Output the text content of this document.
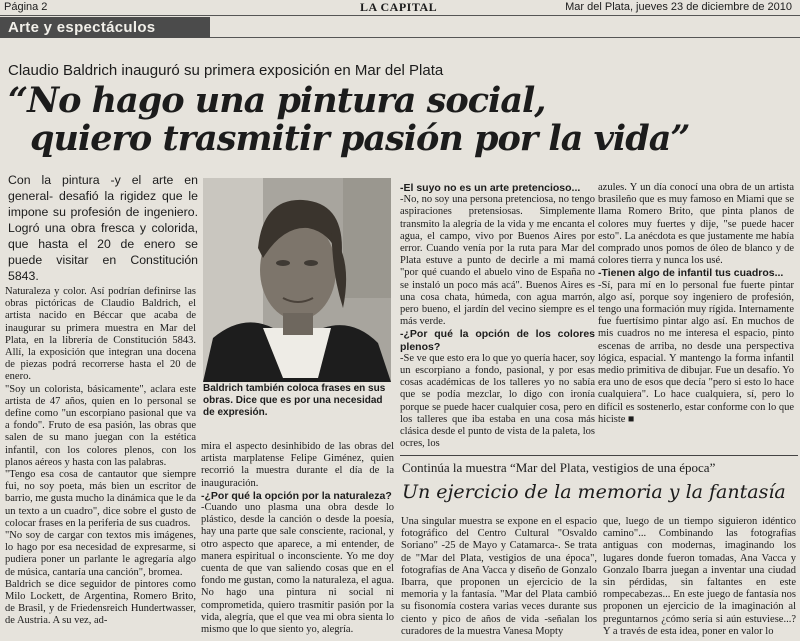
Página 2	LA CAPITAL	Mar del Plata, jueves 23 de diciembre de 2010
Arte y espectáculos
Claudio Baldrich inauguró su primera exposición en Mar del Plata
“No hago una pintura social,
quiero trasmitir pasión por la vida”
Con la pintura -y el arte en general- desafió la rigidez que le impone su profesión de ingeniero. Logró una obra fresca y colorida, que hasta el 20 de enero se puede visitar en Constitución 5843.
Baldrich también coloca frases en sus obras. Dice que es por una necesidad de expresión.

Naturaleza y color. Así podrían definirse las obras pictóricas de Claudio Baldrich, el artista nacido en Béccar que acaba de inaugurar su primera muestra en Mar del Plata, en la librería de Constitución 5843. Allí, la exposición que integran una docena de piezas podrá recorrerse hasta el 20 de enero.

"Soy un colorista, básicamente", aclara este artista de 47 años, quien en lo personal se define como "un escorpiano pasional que va a fondo". Fruto de esa pasión, las obras que salen de su mano juegan con la estética infantil, con los colores plenos, con los planos aéreos y hasta con las palabras.

"Tengo esa cosa de cantautor que siempre fui, no soy poeta, más bien un escritor de barrio, me gusta mucho la dinámica que le da un texto a un cuadro", dice sobre el gusto de colocar frases en la periferia de sus cuadros.

"No soy de cargar con textos mis imágenes, lo hago por esa necesidad de expresarme, si pudiera poner un parlante le agregaría algo de música, cantaría una canción", bromea.

Baldrich se dice seguidor de pintores como Milo Lockett, de Argentina, Romero Brito, de Brasil, y de Friedensreich Hundertwasser, de Austria. A su vez, ad-

mira el aspecto desinhibido de las obras del artista marplatense Felipe Giménez, quien recorrió la muestra durante el día de la inauguración.

-¿Por qué la opción por la naturaleza?

-Cuando uno plasma una obra desde lo plástico, desde la canción o desde la poesía, hay una parte que sale consciente, racional, y otro aspecto que aparece, a mi entender, de manera espiritual o inconsciente. Yo me doy cuenta de que van saliendo cosas que en el fondo me gustan, como la naturaleza, el agua. No hago una pintura ni social ni comprometida, quiero trasmitir pasión por la vida, alegría, que el que vea mi obra sienta lo mismo que lo que siento yo, alegría.

-El suyo no es un arte pretencioso...

-No, no soy una persona pretenciosa, no tengo aspiraciones pretensiosas. Simplemente transmito la alegría de la vida y me encanta el agua, el campo, vivo por Buenos Aires por error. Cuando venía por la ruta para Mar del Plata estuve a punto de decirle a mi mamá "por qué cuando el abuelo vino de España no se instaló un poco más acá". Buenos Aires es una cosa chata, húmeda, con agua marrón, pero bueno, el jardín del vecino siempre es el más verde.

-¿Por qué la opción de los colores plenos?

-Se ve que esto era lo que yo quería hacer, soy un escorpiano a fondo, pasional, y por esas cosas académicas de los talleres yo no sabía que se podía mezclar, lo digo con ironía porque se puede hacer cualquier cosa, pero en los talleres que iba estaba en una cosa más clásica desde el punto de vista de la paleta, los ocres, los

azules. Y un día conocí una obra de un artista brasileño que es muy famoso en Miami que se llama Romero Brito, que pinta planos de colores muy fuertes y dije, "se puede hacer esto". La anécdota es que justamente me había comprado unos pomos de óleo de blanco y de colores tierra y nunca los usé.

-Tienen algo de infantil tus cuadros...

-Sí, para mí en lo personal fue fuerte pintar algo así, porque soy ingeniero de profesión, tengo una formación muy rígida. Internamente fue fuertísimo pintar algo así. En muchos de mis cuadros no me interesa el espacio, pinto escenas de arriba, no desde una perspectiva lógica, espacial. Y mantengo la forma infantil medio primitiva de dibujar. Fue un desafío. Yo era uno de esos que decía "pero si esto lo hace cualquiera". Lo hace cualquiera, sí, pero lo difícil es sostenerlo, estar conforme con lo que hiciste ■

Continúa la muestra “Mar del Plata, vestigios de una época”
Un ejercicio de la memoria y la fantasía
Una singular muestra se expone en el espacio fotográfico del Centro Cultural "Osvaldo Soriano" -25 de Mayo y Catamarca-. Se trata de "Mar del Plata, vestigios de una época", fotografías de Ana Vacca y diseño de Gonzalo Ibarra, que proponen un ejercicio de la memoria y la fantasía. "Mar del Plata cambió su fisonomía costera varias veces durante sus ciento y pico de años de vida -señalan los curadores de la muestra Vanesa Mopty
que, luego de un tiempo siguieron idéntico camino"... Combinando las fotografías antiguas con modernas, imaginando los lugares donde fueron tomadas, Ana Vacca y Gonzalo Ibarra juegan a inventar una ciudad sin pérdidas, sin faltantes en este rompecabezas... En este juego de fantasía nos proponen un ejercicio de la imaginación al preguntarnos ¿cómo sería si aún estuviese...? Y a través de esta idea, poner en valor lo
